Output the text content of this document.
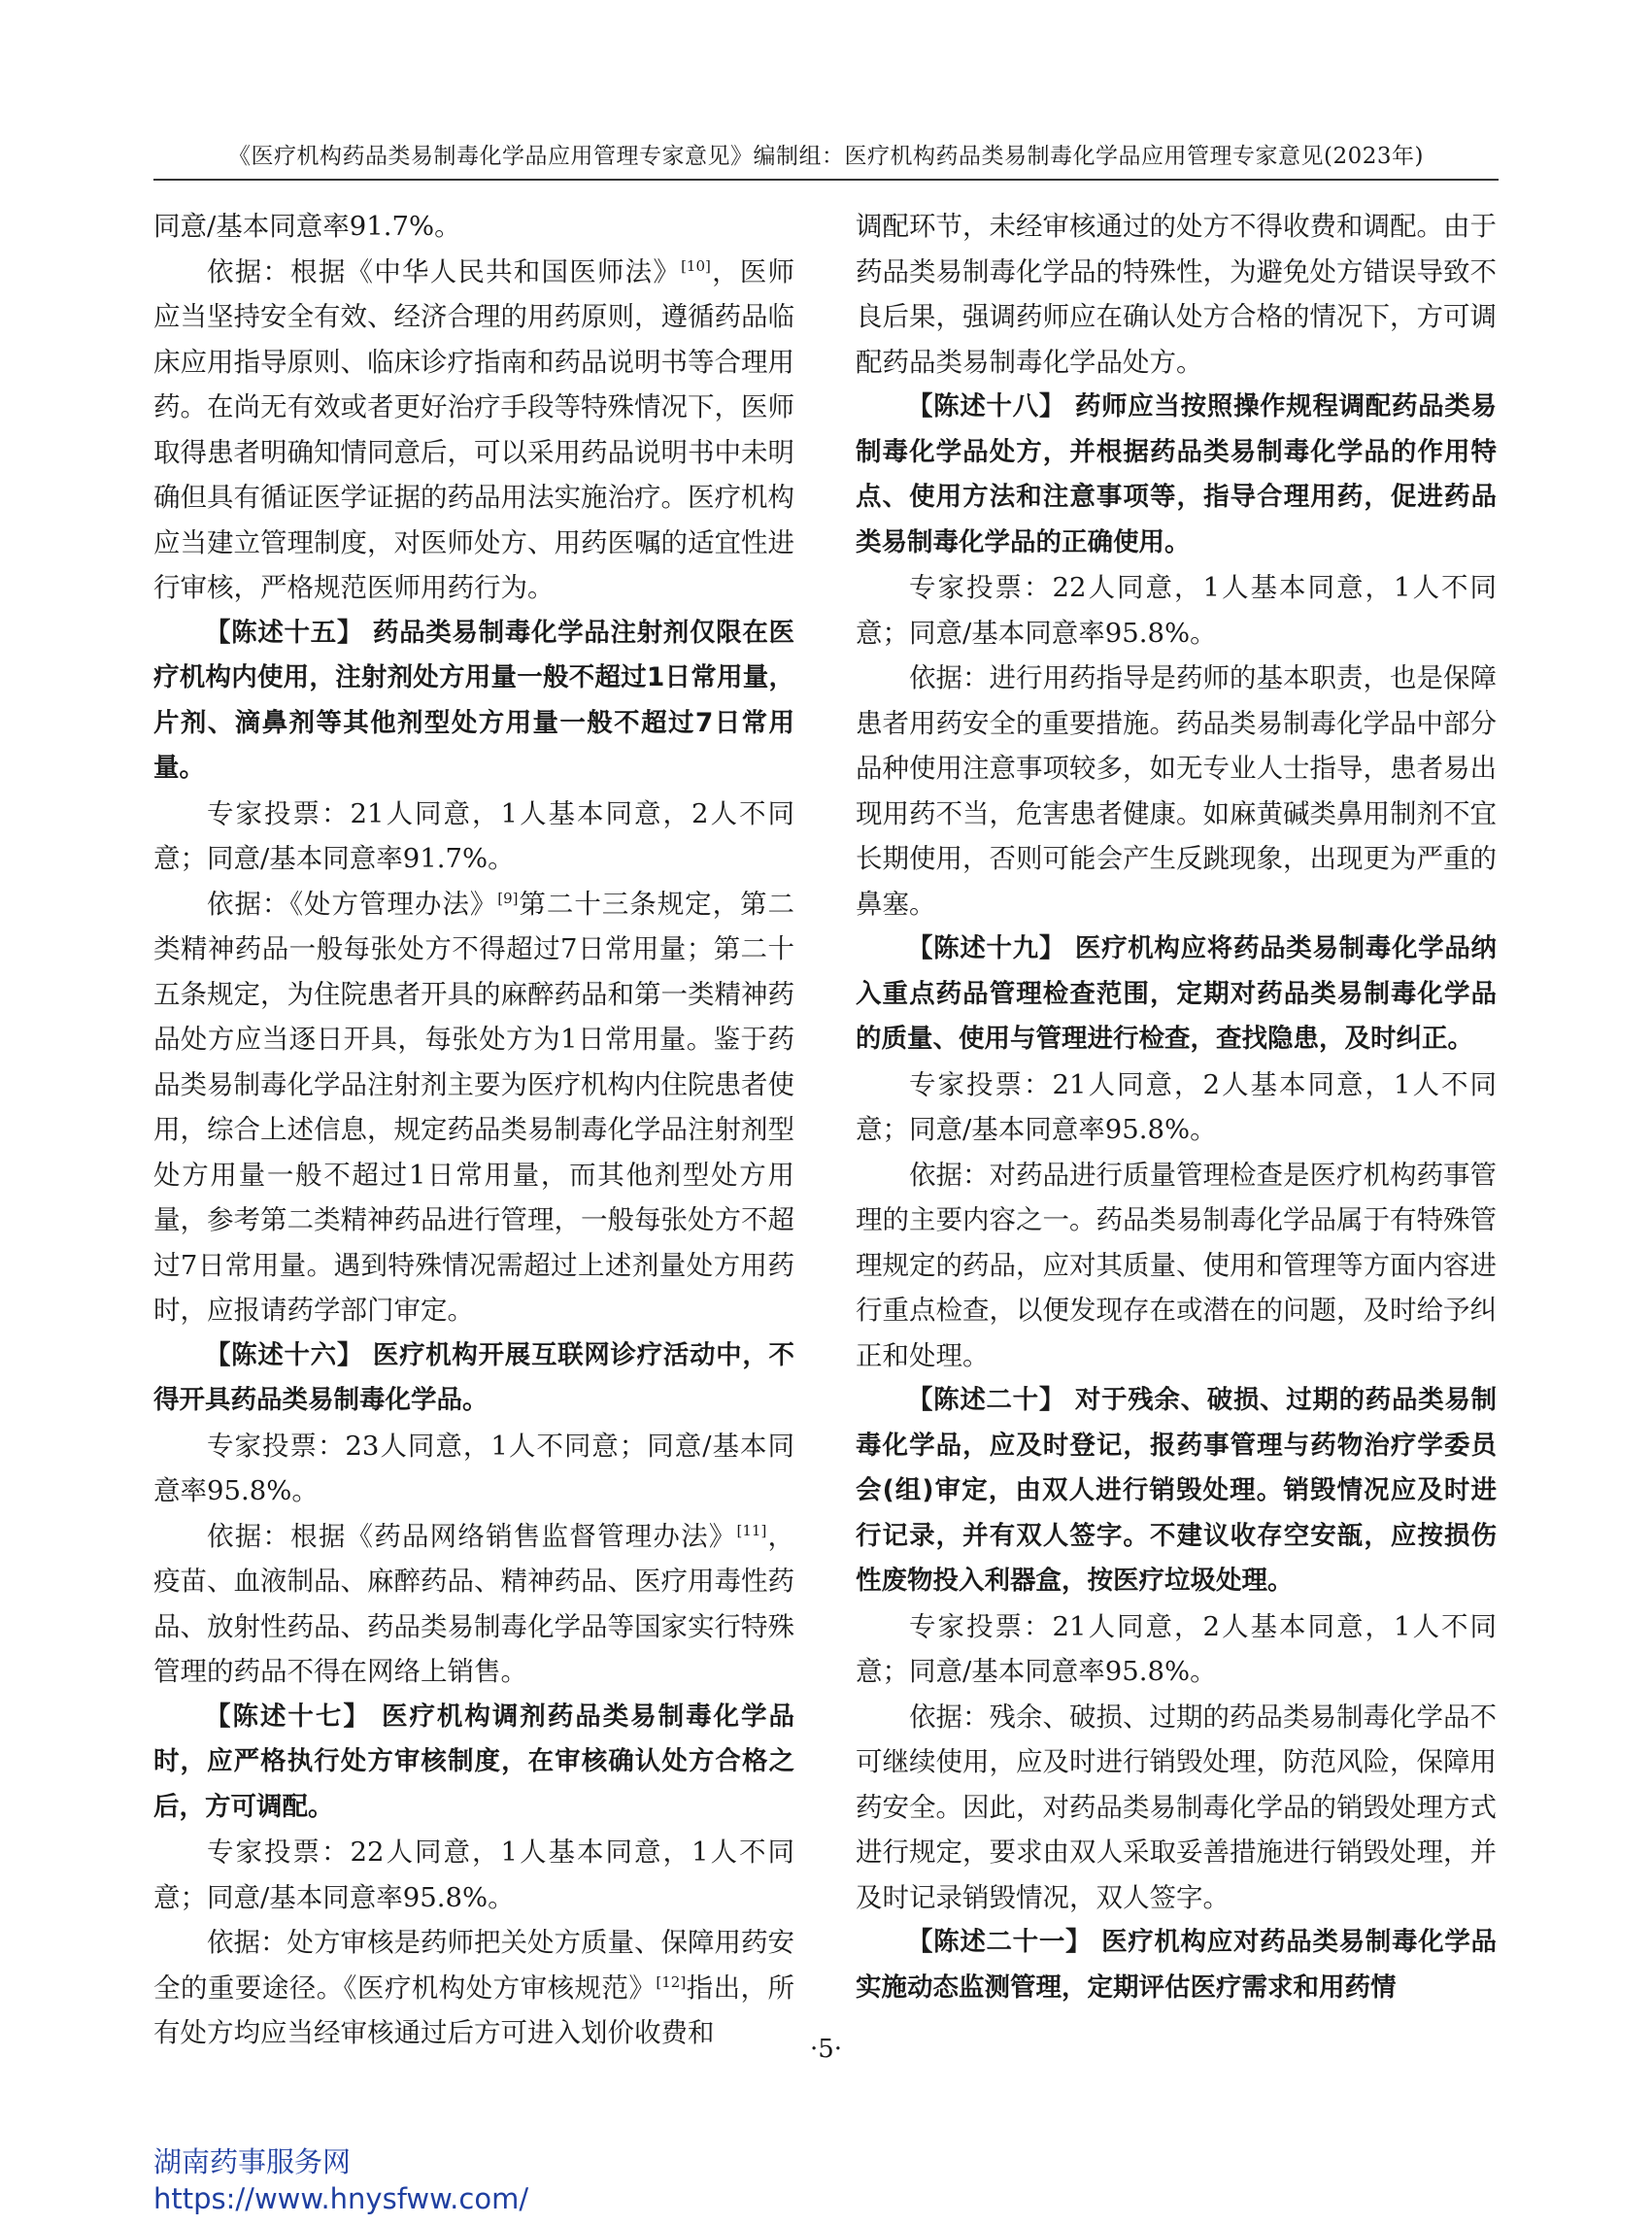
《医疗机构药品类易制毒化学品应用管理专家意见》编制组：医疗机构药品类易制毒化学品应用管理专家意见(2023年)

同意/基本同意率91.7%。

依据：根据《中华人民共和国医师法》[10]，医师应当坚持安全有效、经济合理的用药原则，遵循药品临床应用指导原则、临床诊疗指南和药品说明书等合理用药。在尚无有效或者更好治疗手段等特殊情况下，医师取得患者明确知情同意后，可以采用药品说明书中未明确但具有循证医学证据的药品用法实施治疗。医疗机构应当建立管理制度，对医师处方、用药医嘱的适宜性进行审核，严格规范医师用药行为。

【陈述十五】 药品类易制毒化学品注射剂仅限在医疗机构内使用，注射剂处方用量一般不超过1日常用量，片剂、滴鼻剂等其他剂型处方用量一般不超过7日常用量。

专家投票：21人同意，1人基本同意，2人不同意；同意/基本同意率91.7%。

依据：《处方管理办法》[9]第二十三条规定，第二类精神药品一般每张处方不得超过7日常用量；第二十五条规定，为住院患者开具的麻醉药品和第一类精神药品处方应当逐日开具，每张处方为1日常用量。鉴于药品类易制毒化学品注射剂主要为医疗机构内住院患者使用，综合上述信息，规定药品类易制毒化学品注射剂型处方用量一般不超过1日常用量，而其他剂型处方用量，参考第二类精神药品进行管理，一般每张处方不超过7日常用量。遇到特殊情况需超过上述剂量处方用药时，应报请药学部门审定。

【陈述十六】 医疗机构开展互联网诊疗活动中，不得开具药品类易制毒化学品。

专家投票：23人同意，1人不同意；同意/基本同意率95.8%。

依据：根据《药品网络销售监督管理办法》[11]，疫苗、血液制品、麻醉药品、精神药品、医疗用毒性药品、放射性药品、药品类易制毒化学品等国家实行特殊管理的药品不得在网络上销售。

【陈述十七】 医疗机构调剂药品类易制毒化学品时，应严格执行处方审核制度，在审核确认处方合格之后，方可调配。

专家投票：22人同意，1人基本同意，1人不同意；同意/基本同意率95.8%。

依据：处方审核是药师把关处方质量、保障用药安全的重要途径。《医疗机构处方审核规范》[12]指出，所有处方均应当经审核通过后方可进入划价收费和

调配环节，未经审核通过的处方不得收费和调配。由于药品类易制毒化学品的特殊性，为避免处方错误导致不良后果，强调药师应在确认处方合格的情况下，方可调配药品类易制毒化学品处方。

【陈述十八】 药师应当按照操作规程调配药品类易制毒化学品处方，并根据药品类易制毒化学品的作用特点、使用方法和注意事项等，指导合理用药，促进药品类易制毒化学品的正确使用。

专家投票：22人同意，1人基本同意，1人不同意；同意/基本同意率95.8%。

依据：进行用药指导是药师的基本职责，也是保障患者用药安全的重要措施。药品类易制毒化学品中部分品种使用注意事项较多，如无专业人士指导，患者易出现用药不当，危害患者健康。如麻黄碱类鼻用制剂不宜长期使用，否则可能会产生反跳现象，出现更为严重的鼻塞。

【陈述十九】 医疗机构应将药品类易制毒化学品纳入重点药品管理检查范围，定期对药品类易制毒化学品的质量、使用与管理进行检查，查找隐患，及时纠正。

专家投票：21人同意，2人基本同意，1人不同意；同意/基本同意率95.8%。

依据：对药品进行质量管理检查是医疗机构药事管理的主要内容之一。药品类易制毒化学品属于有特殊管理规定的药品，应对其质量、使用和管理等方面内容进行重点检查，以便发现存在或潜在的问题，及时给予纠正和处理。

【陈述二十】 对于残余、破损、过期的药品类易制毒化学品，应及时登记，报药事管理与药物治疗学委员会(组)审定，由双人进行销毁处理。销毁情况应及时进行记录，并有双人签字。不建议收存空安瓿，应按损伤性废物投入利器盒，按医疗垃圾处理。

专家投票：21人同意，2人基本同意，1人不同意；同意/基本同意率95.8%。

依据：残余、破损、过期的药品类易制毒化学品不可继续使用，应及时进行销毁处理，防范风险，保障用药安全。因此，对药品类易制毒化学品的销毁处理方式进行规定，要求由双人采取妥善措施进行销毁处理，并及时记录销毁情况，双人签字。

【陈述二十一】 医疗机构应对药品类易制毒化学品实施动态监测管理，定期评估医疗需求和用药情

·5·
湖南药事服务网
https://www.hnysfww.com/
